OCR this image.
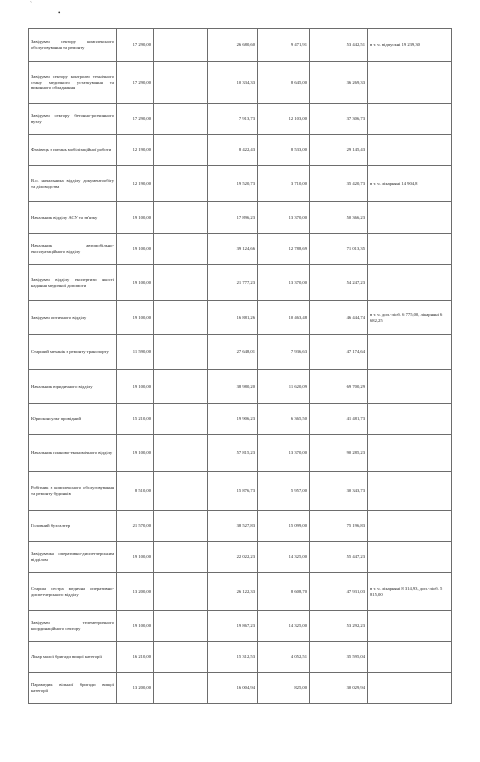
`
•
Завідувач сектору комплексного обслуговування та ремонту	17 290,00		26 680,60	9 471,91	53 442,51	в т. ч. відпускні 19 239,30
Завідувач сектору контролю технічного стану медичного устаткування та виконного обладнання	17 290,00		10 334,33	8 645,00	36 269,33	
Завідувач сектору бетонно-розчинного вузлу	17 290,00		7 913,73	12 103,00	37 306,73	
Фахівець з питань мобілізаційної роботи	12 190,00		8 422,43	8 533,00	29 145,43	
В.о. начальника відділу документообігу та діловодства	12 190,00		19 520,73	3 710,00	35 420,73	в т. ч. лікарняні 14 904,8
Начальник відділу АСУ та зв'язку	19 100,00		17 896,23	13 370,00	50 366,23	
Начальник автомобільно-експлуатаційного відділу	19 100,00		39 124,66	12 788,69	71 013,35	
Завідувач відділу експертизи якості надання медичної допомоги	19 100,00		21 777,23	13 370,00	54 247,23	
Завідувач оптичного відділу	19 100,00		16 881,26	10 463,48	46 444,74	в т. ч. доп.-ліоб. 6 775,00, лікарняні 6 682,25
Старший механік з ремонту транспорту	11 590,00		27 648,01	7 936,63	47 174,64	
Начальник юридичного відділу	19 100,00		38 980,20	11 620,09	69 700,29	
Юрисконсульт провідний	15 210,00		19 906,23	6 365,50	41 481,73	
Начальник планово-економічного відділу	19 100,00		57 815,23	13 370,00	90 285,23	
Робітник з комплексного обслуговування та ремонту будинків	8 510,00		15 876,73	5 957,00	30 343,73	
Головний бухгалтер	21 570,00		38 527,83	15 099,00	75 196,83	
Завідувачка оперативно-диспетчерським відділом	19 100,00		22 022,23	14 325,00	55 447,23	
Старша сестра медична оперативно-диспетчерського відділу	13 200,00		26 122,33	8 608,70	47 931,03	в т. ч. лікарняні 8 314,93, доп.-ліоб. 5 815,00
Завідувач телеметричного координаційного сектору	19 100,00		19 867,23	14 325,00	53 292,23	
Лікар малої бригади вищої категорії	16 210,00		15 312,53	4 052,51	35 595,04	
Парамедик вільної бригади вищої категорії	13 200,00		16 004,94	825,00	30 029,94	
